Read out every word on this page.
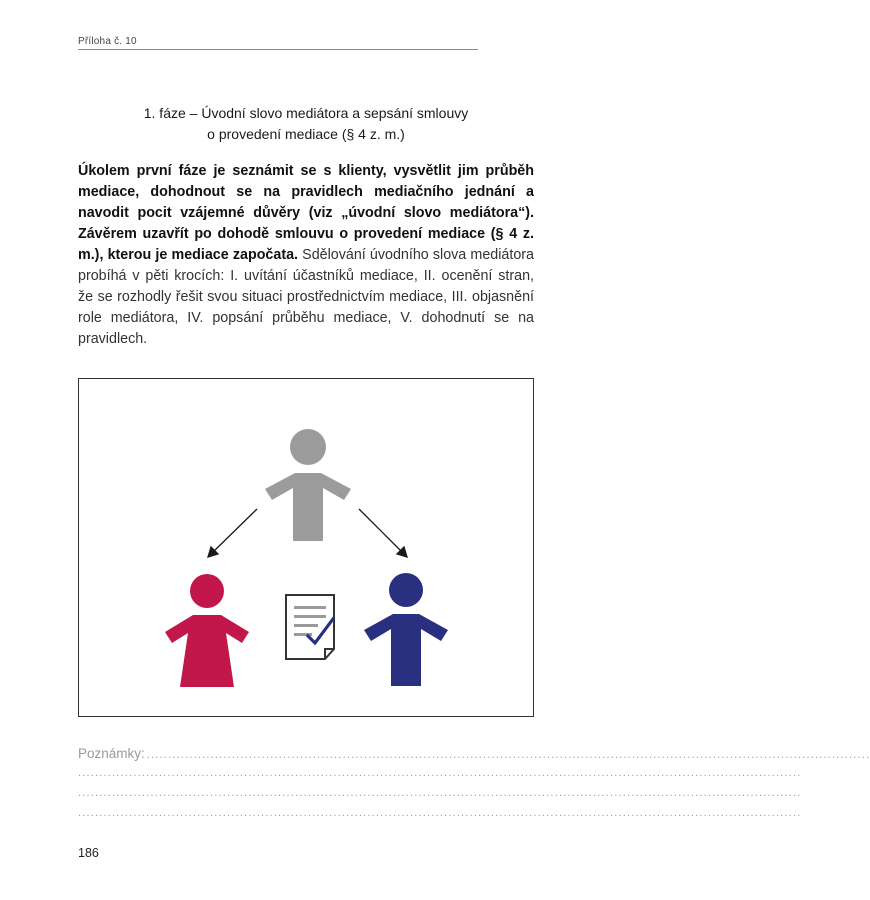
Příloha č. 10
1. fáze – Úvodní slovo mediátora a sepsání smlouvy
o provedení mediace (§ 4 z. m.)
Úkolem první fáze je seznámit se s klienty, vysvětlit jim průběh mediace, dohodnout se na pravidlech mediačního jednání a navodit pocit vzájemné důvěry (viz „úvodní slovo mediátora“). Závěrem uzavřít po dohodě smlouvu o provedení mediace (§ 4 z. m.), kterou je mediace započata. Sdělování úvodního slova mediátora probíhá v pěti krocích: I. uvítání účastníků mediace, II. ocenění stran, že se rozhodly řešit svou situaci prostřednictvím mediace, III. objasnění role mediátora, IV. popsání průběhu mediace, V. dohodnutí se na pravidlech.
Poznámky: ..........................................................................................................................................................................
..........................................................................................................................................................................
..........................................................................................................................................................................
..........................................................................................................................................................................
186
